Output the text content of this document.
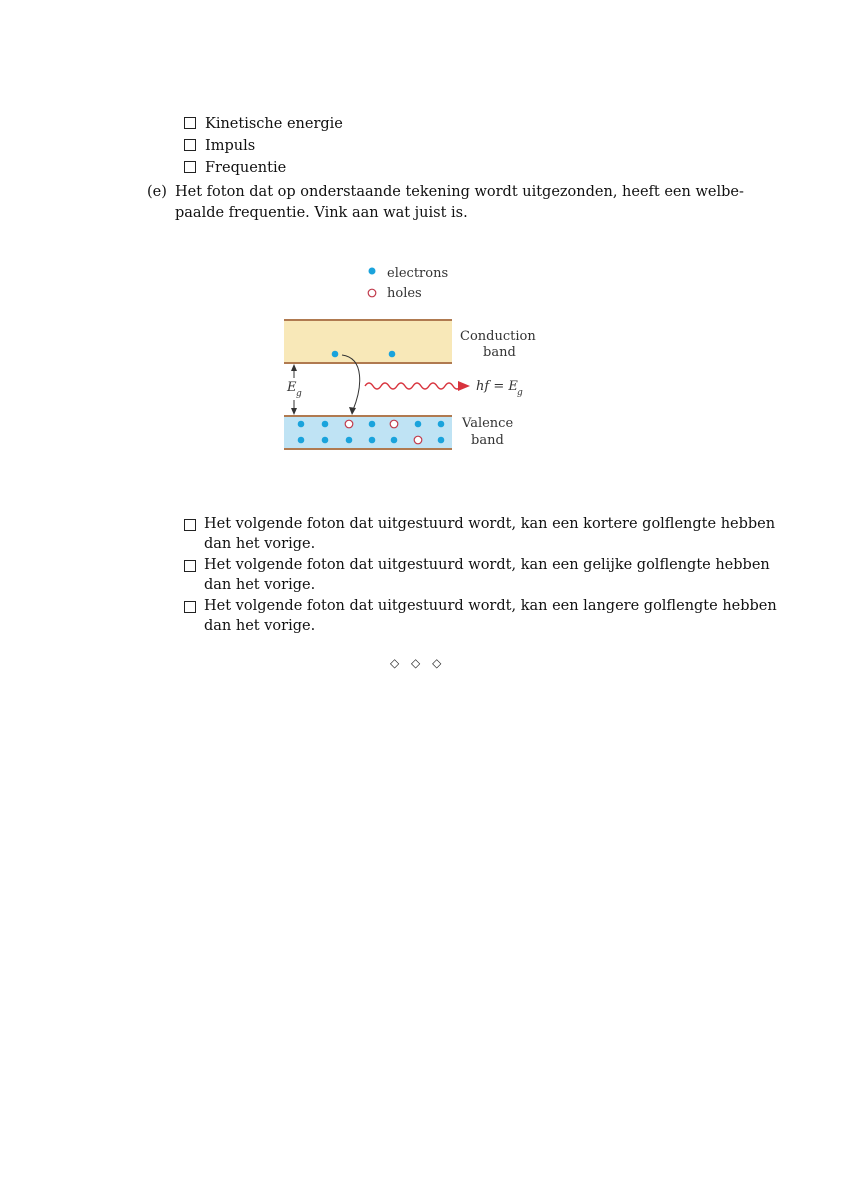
Kinetische energie
Impuls
Frequentie
(e) Het foton dat op onderstaande tekening wordt uitgezonden, heeft een welbe-
paalde frequentie. Vink aan wat juist is.
electrons
holes
Conduction
band
E g	hf = E g
Valence
band
Het volgende foton dat uitgestuurd wordt, kan een kortere golflengte hebben
dan het vorige.
Het volgende foton dat uitgestuurd wordt, kan een gelijke golflengte hebben
dan het vorige.
Het volgende foton dat uitgestuurd wordt, kan een langere golflengte hebben
dan het vorige.
◇ ◇ ◇
